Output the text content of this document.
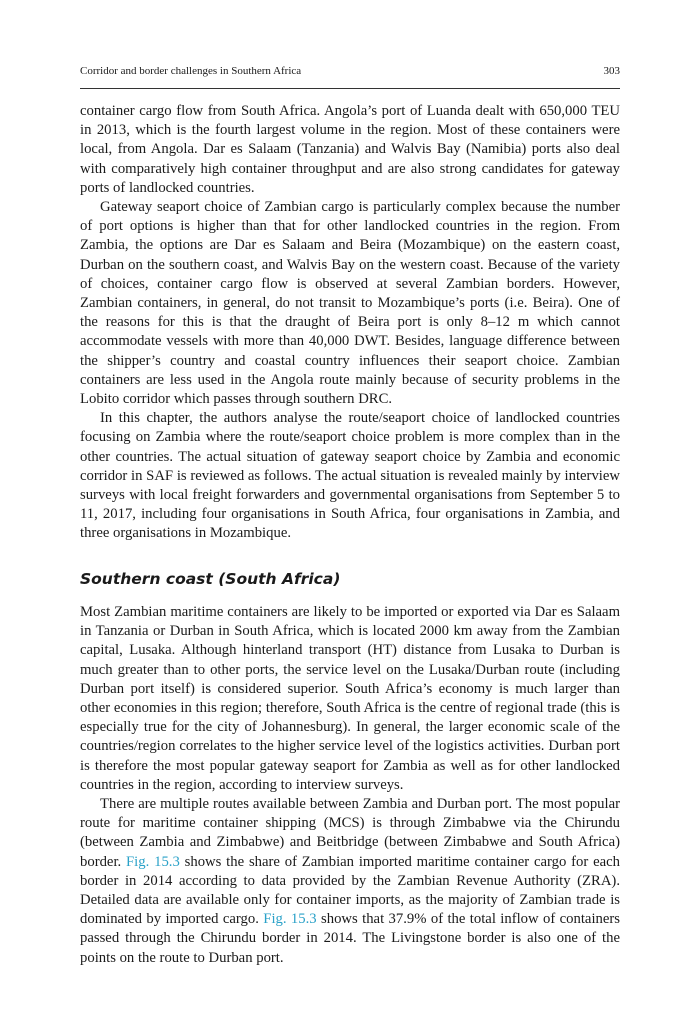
Corridor and border challenges in Southern Africa	303

container cargo flow from South Africa. Angola’s port of Luanda dealt with 650,000 TEU in 2013, which is the fourth largest volume in the region. Most of these containers were local, from Angola. Dar es Salaam (Tanzania) and Walvis Bay (Namibia) ports also deal with comparatively high container throughput and are also strong candidates for gateway ports of landlocked countries.

Gateway seaport choice of Zambian cargo is particularly complex because the number of port options is higher than that for other landlocked countries in the region. From Zambia, the options are Dar es Salaam and Beira (Mozambique) on the eastern coast, Durban on the southern coast, and Walvis Bay on the western coast. Because of the variety of choices, container cargo flow is observed at several Zambian borders. However, Zambian containers, in general, do not transit to Mozambique’s ports (i.e. Beira). One of the reasons for this is that the draught of Beira port is only 8–12 m which cannot accommodate vessels with more than 40,000 DWT. Besides, language difference between the shipper’s country and coastal country influences their seaport choice. Zambian containers are less used in the Angola route mainly because of security problems in the Lobito corridor which passes through southern DRC.

In this chapter, the authors analyse the route/seaport choice of landlocked countries focusing on Zambia where the route/seaport choice problem is more complex than in the other countries. The actual situation of gateway seaport choice by Zambia and economic corridor in SAF is reviewed as follows. The actual situation is revealed mainly by interview surveys with local freight forwarders and governmental organisations from September 5 to 11, 2017, including four organisations in South Africa, four organisations in Zambia, and three organisations in Mozambique.

Southern coast (South Africa)

Most Zambian maritime containers are likely to be imported or exported via Dar es Salaam in Tanzania or Durban in South Africa, which is located 2000 km away from the Zambian capital, Lusaka. Although hinterland transport (HT) distance from Lusaka to Durban is much greater than to other ports, the service level on the Lusaka/Durban route (including Durban port itself) is considered superior. South Africa’s economy is much larger than other economies in this region; therefore, South Africa is the centre of regional trade (this is especially true for the city of Johannesburg). In general, the larger economic scale of the countries/region correlates to the higher service level of the logistics activities. Durban port is therefore the most popular gateway seaport for Zambia as well as for other landlocked countries in the region, according to interview surveys.

There are multiple routes available between Zambia and Durban port. The most popular route for maritime container shipping (MCS) is through Zimbabwe via the Chirundu (between Zambia and Zimbabwe) and Beitbridge (between Zimbabwe and South Africa) border. Fig. 15.3 shows the share of Zambian imported maritime container cargo for each border in 2014 according to data provided by the Zambian Revenue Authority (ZRA). Detailed data are available only for container imports, as the majority of Zambian trade is dominated by imported cargo. Fig. 15.3 shows that 37.9% of the total inflow of containers passed through the Chirundu border in 2014. The Livingstone border is also one of the points on the route to Durban port.
